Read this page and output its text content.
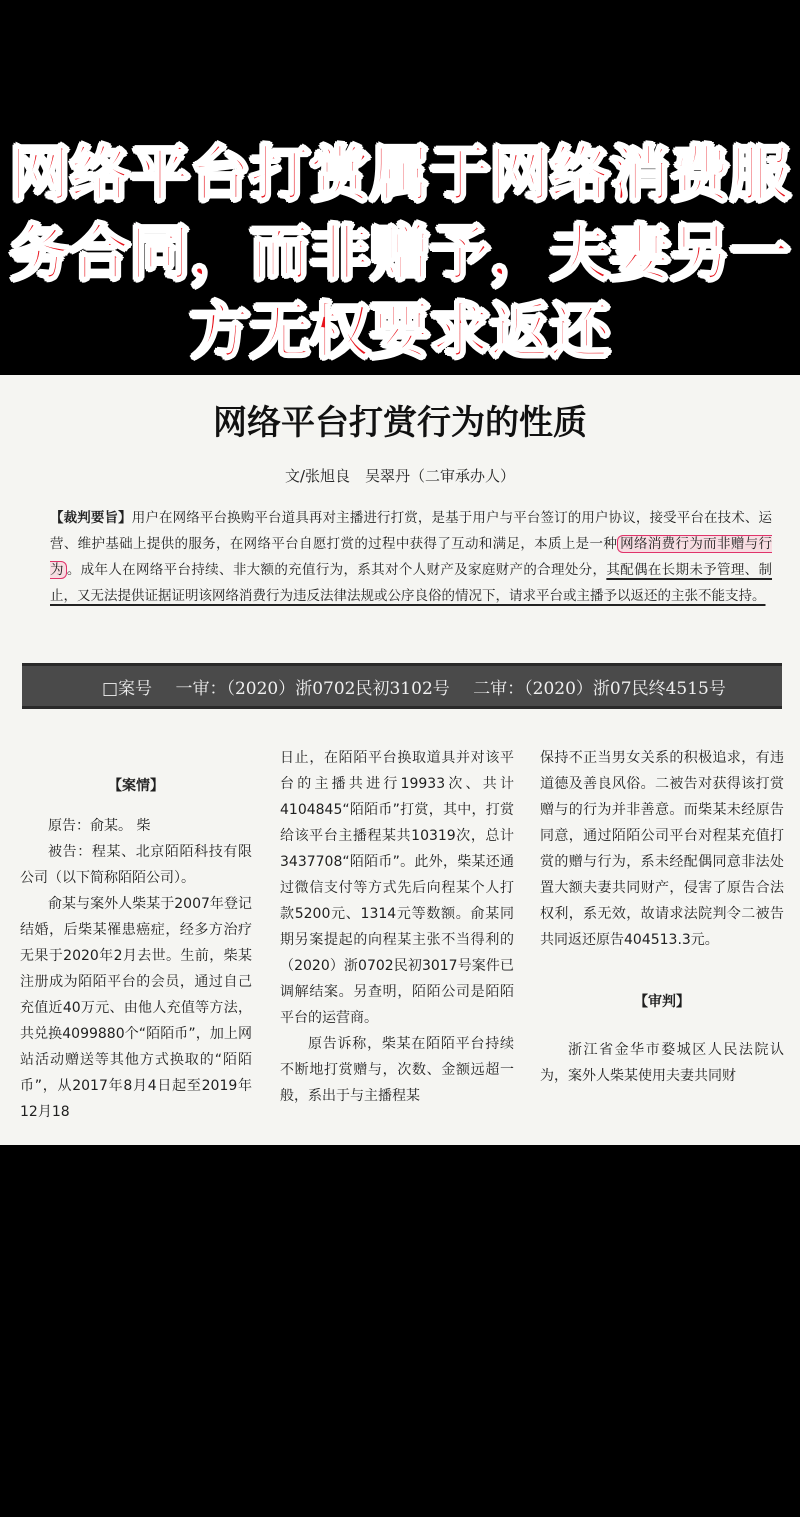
网络平台打赏属于网络消费服
务合同，而非赠予，夫妻另一
方无权要求返还
网络平台打赏行为的性质
文/张旭良　吴翠丹（二审承办人）
【裁判要旨】用户在网络平台换购平台道具再对主播进行打赏，是基于用户与平台签订的用户协议，接受平台在技术、运营、维护基础上提供的服务，在网络平台自愿打赏的过程中获得了互动和满足，本质上是一种 网络消费行为而非赠与行为 。成年人在网络平台持续、非大额的充值行为，系其对个人财产及家庭财产的合理处分，其配偶在长期未予管理、制止，又无法提供证据证明该网络消费行为违反法律法规或公序良俗的情况下，请求平台或主播予以返还的主张不能支持。
□案号 一审：（2020）浙0702民初3102号 二审：（2020）浙07民终4515号

【案情】

原告：俞某。 柴

被告：程某、北京陌陌科技有限公司（以下简称陌陌公司）。

俞某与案外人柴某于2007年登记结婚，后柴某罹患癌症，经多方治疗无果于2020年2月去世。生前，柴某注册成为陌陌平台的会员，通过自己充值近40万元、由他人充值等方法，共兑换4099880个“陌陌币”，加上网站活动赠送等其他方式换取的“陌陌币”，从2017年8月4日起至2019年12月18

日止，在陌陌平台换取道具并对该平台的主播共进行19933次、共计4104845“陌陌币”打赏，其中，打赏给该平台主播程某共10319次，总计3437708“陌陌币”。此外，柴某还通过微信支付等方式先后向程某个人打款5200元、1314元等数额。俞某同期另案提起的向程某主张不当得利的（2020）浙0702民初3017号案件已调解结案。另查明，陌陌公司是陌陌平台的运营商。

原告诉称，柴某在陌陌平台持续不断地打赏赠与，次数、金额远超一般，系出于与主播程某

保持不正当男女关系的积极追求，有违道德及善良风俗。二被告对获得该打赏赠与的行为并非善意。而柴某未经原告同意，通过陌陌公司平台对程某充值打赏的赠与行为，系未经配偶同意非法处置大额夫妻共同财产，侵害了原告合法权利，系无效，故请求法院判令二被告共同返还原告404513.3元。

【审判】

浙江省金华市婺城区人民法院认为，案外人柴某使用夫妻共同财
